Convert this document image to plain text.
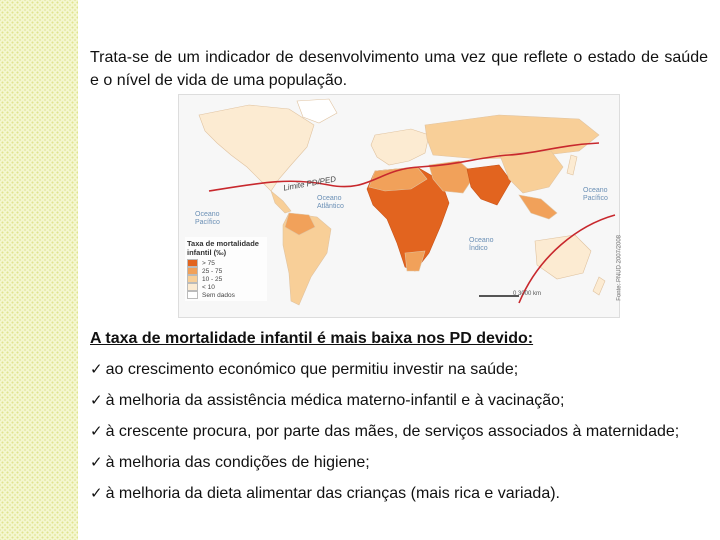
Trata-se de um indicador de desenvolvimento uma vez que reflete o estado de saúde e o nível de vida de uma população.

Limite PD/PED
Oceano Pacífico
Oceano Atlântico
Oceano Pacífico
Oceano Índico
Taxa de mortalidade infantil (‰)
> 75
25 - 75
10 - 25
< 10
Sem dados	0 3000 km	Fonte: PNUD 2007/2008

A taxa de mortalidade infantil é mais baixa nos PD devido:

✓ ao crescimento económico que permitiu investir na saúde;
✓ à melhoria da assistência médica materno-infantil e à vacinação;
✓ à crescente procura, por parte das mães, de serviços associados à maternidade;
✓ à melhoria das condições de higiene;
✓ à melhoria da dieta alimentar das crianças (mais rica e variada).
